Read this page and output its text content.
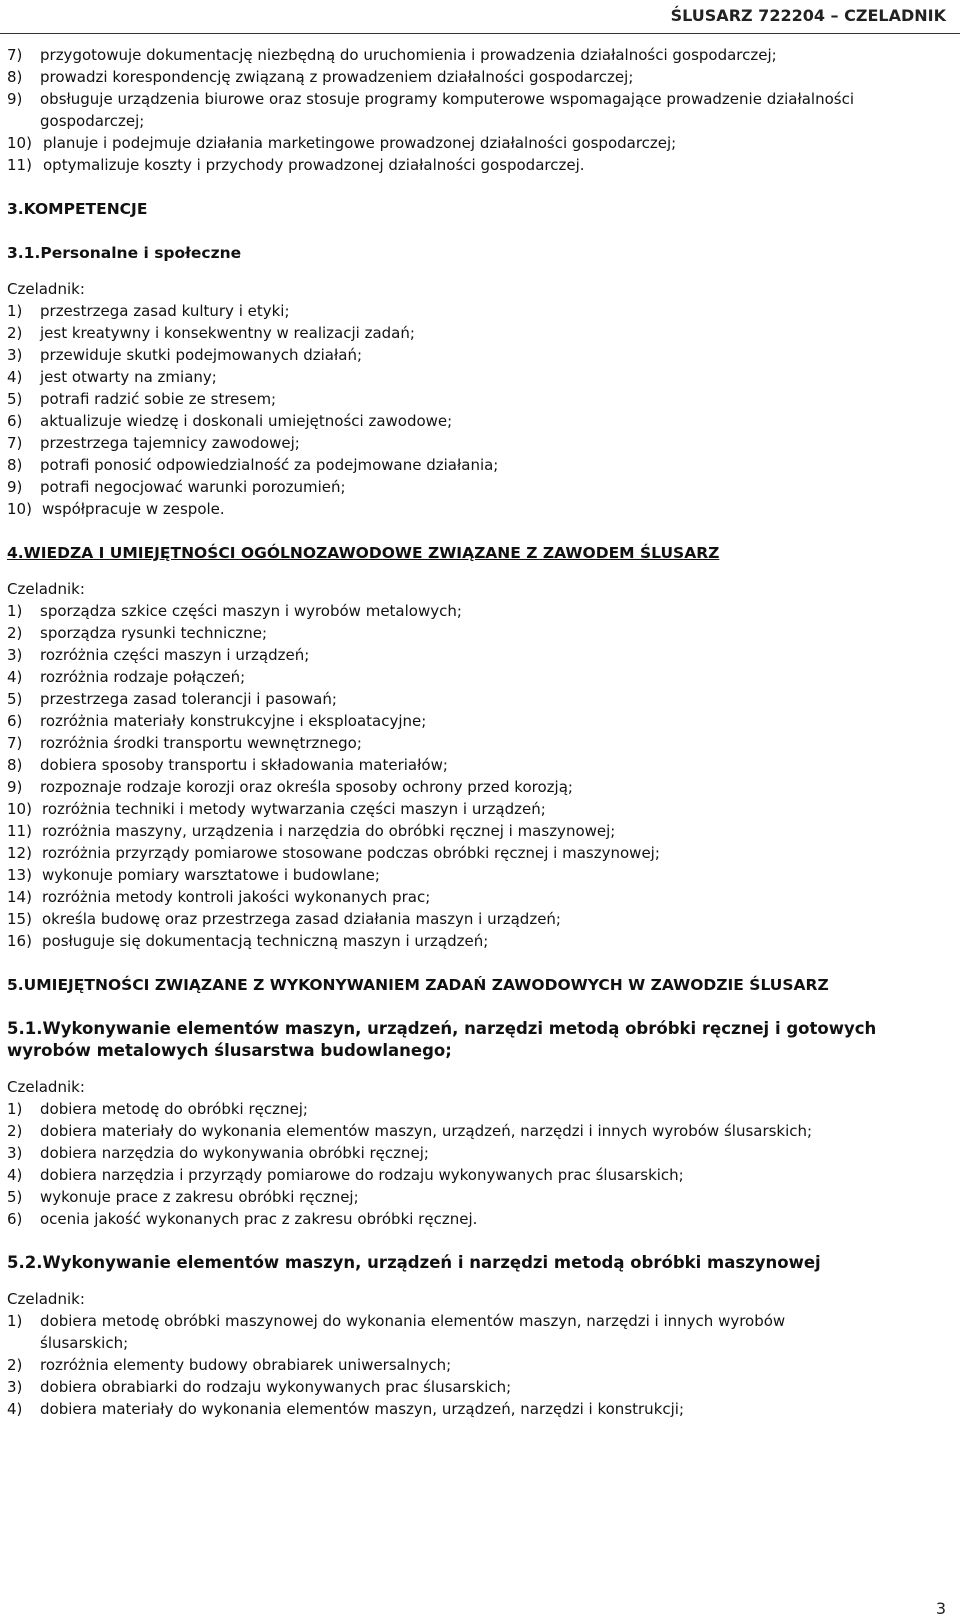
ŚLUSARZ 722204 – CZELADNIK
7)	przygotowuje dokumentację niezbędną do uruchomienia i prowadzenia działalności gospodarczej;
8)	prowadzi korespondencję związaną z prowadzeniem działalności gospodarczej;
9)	obsługuje urządzenia biurowe oraz stosuje programy komputerowe wspomagające prowadzenie działalności
gospodarczej;
10) planuje i podejmuje działania marketingowe prowadzonej działalności gospodarczej;
11) optymalizuje koszty i przychody prowadzonej działalności gospodarczej.
3.KOMPETENCJE
3.1.Personalne i społeczne
Czeladnik:
1)	przestrzega zasad kultury i etyki;
2)	jest kreatywny i konsekwentny w realizacji zadań;
3)	przewiduje skutki podejmowanych działań;
4)	jest otwarty na zmiany;
5)	potrafi radzić sobie ze stresem;
6)	aktualizuje wiedzę i doskonali umiejętności zawodowe;
7)	przestrzega tajemnicy zawodowej;
8)	potrafi ponosić odpowiedzialność za podejmowane działania;
9)	potrafi negocjować warunki porozumień;
10) współpracuje w zespole.
4.WIEDZA I UMIEJĘTNOŚCI OGÓLNOZAWODOWE ZWIĄZANE Z ZAWODEM ŚLUSARZ
Czeladnik:
1)	sporządza szkice części maszyn i wyrobów metalowych;
2)	sporządza rysunki techniczne;
3)	rozróżnia części maszyn i urządzeń;
4)	rozróżnia rodzaje połączeń;
5)	przestrzega zasad tolerancji i pasowań;
6)	rozróżnia materiały konstrukcyjne i eksploatacyjne;
7)	rozróżnia środki transportu wewnętrznego;
8)	dobiera sposoby transportu i składowania materiałów;
9)	rozpoznaje rodzaje korozji oraz określa sposoby ochrony przed korozją;
10) rozróżnia techniki i metody wytwarzania części maszyn i urządzeń;
11) rozróżnia maszyny, urządzenia i narzędzia do obróbki ręcznej i maszynowej;
12) rozróżnia przyrządy pomiarowe stosowane podczas obróbki ręcznej i maszynowej;
13) wykonuje pomiary warsztatowe i budowlane;
14) rozróżnia metody kontroli jakości wykonanych prac;
15) określa budowę oraz przestrzega zasad działania maszyn i urządzeń;
16) posługuje się dokumentacją techniczną maszyn i urządzeń;
5.UMIEJĘTNOŚCI ZWIĄZANE Z WYKONYWANIEM ZADAŃ ZAWODOWYCH W ZAWODZIE ŚLUSARZ
5.1.Wykonywanie elementów maszyn, urządzeń, narzędzi metodą obróbki ręcznej i gotowych
wyrobów metalowych ślusarstwa budowlanego;
Czeladnik:
1)	dobiera metodę do obróbki ręcznej;
2)	dobiera materiały do wykonania elementów maszyn, urządzeń, narzędzi i innych wyrobów ślusarskich;
3)	dobiera narzędzia do wykonywania obróbki ręcznej;
4)	dobiera narzędzia i przyrządy pomiarowe do rodzaju wykonywanych prac ślusarskich;
5)	wykonuje prace z zakresu obróbki ręcznej;
6)	ocenia jakość wykonanych prac z zakresu obróbki ręcznej.
5.2.Wykonywanie elementów maszyn, urządzeń i narzędzi metodą obróbki maszynowej
Czeladnik:
1)	dobiera metodę obróbki maszynowej do wykonania elementów maszyn, narzędzi i innych wyrobów
ślusarskich;
2)	rozróżnia elementy budowy obrabiarek uniwersalnych;
3)	dobiera obrabiarki do rodzaju wykonywanych prac ślusarskich;
4)	dobiera materiały do wykonania elementów maszyn, urządzeń, narzędzi i konstrukcji;
3
